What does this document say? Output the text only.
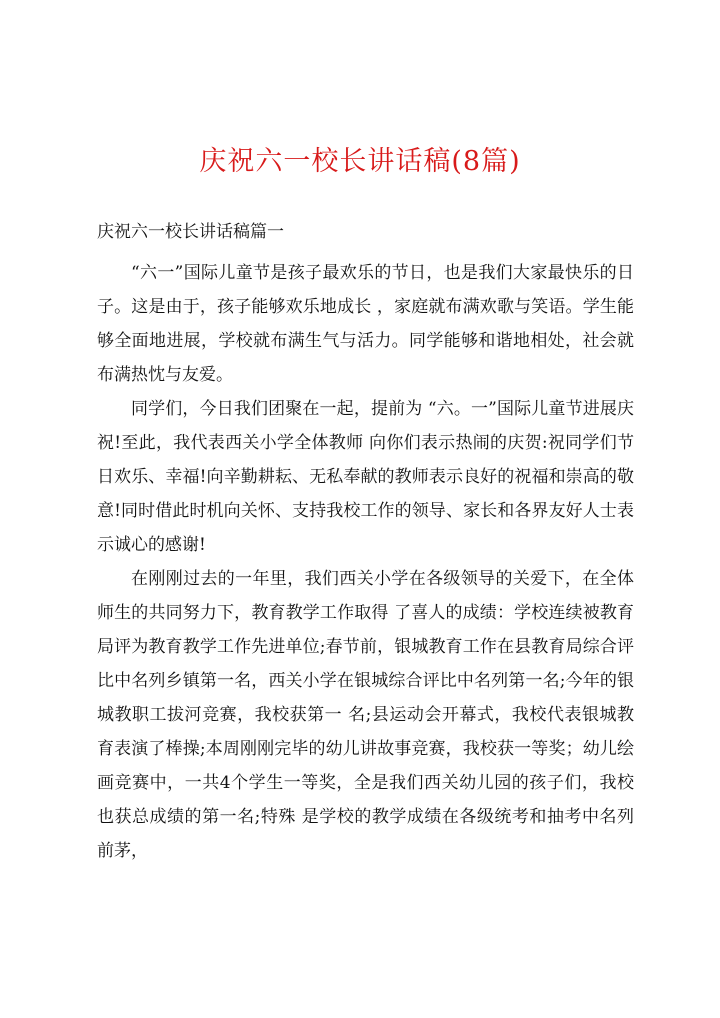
庆祝六一校长讲话稿(8篇)

庆祝六一校长讲话稿篇一

“六一”国际儿童节是孩子最欢乐的节日，也是我们大家最快乐的日子。这是由于，孩子能够欢乐地成长 ，家庭就布满欢歌与笑语。学生能够全面地进展，学校就布满生气与活力。同学能够和谐地相处，社会就布满热忱与友爱。

同学们，今日我们团聚在一起，提前为 “六。一”国际儿童节进展庆祝!至此，我代表西关小学全体教师 向你们表示热闹的庆贺:祝同学们节日欢乐、幸福!向辛勤耕耘、无私奉献的教师表示良好的祝福和崇高的敬意!同时借此时机向关怀、支持我校工作的领导、家长和各界友好人士表示诚心的感谢!

在刚刚过去的一年里，我们西关小学在各级领导的关爱下，在全体师生的共同努力下，教育教学工作取得 了喜人的成绩：学校连续被教育局评为教育教学工作先进单位;春节前，银城教育工作在县教育局综合评比中名列乡镇第一名，西关小学在银城综合评比中名列第一名;今年的银城教职工拔河竞赛，我校获第一 名;县运动会开幕式，我校代表银城教育表演了棒操;本周刚刚完毕的幼儿讲故事竞赛，我校获一等奖；幼儿绘画竞赛中，一共4个学生一等奖，全是我们西关幼儿园的孩子们，我校也获总成绩的第一名;特殊 是学校的教学成绩在各级统考和抽考中名列前茅，
